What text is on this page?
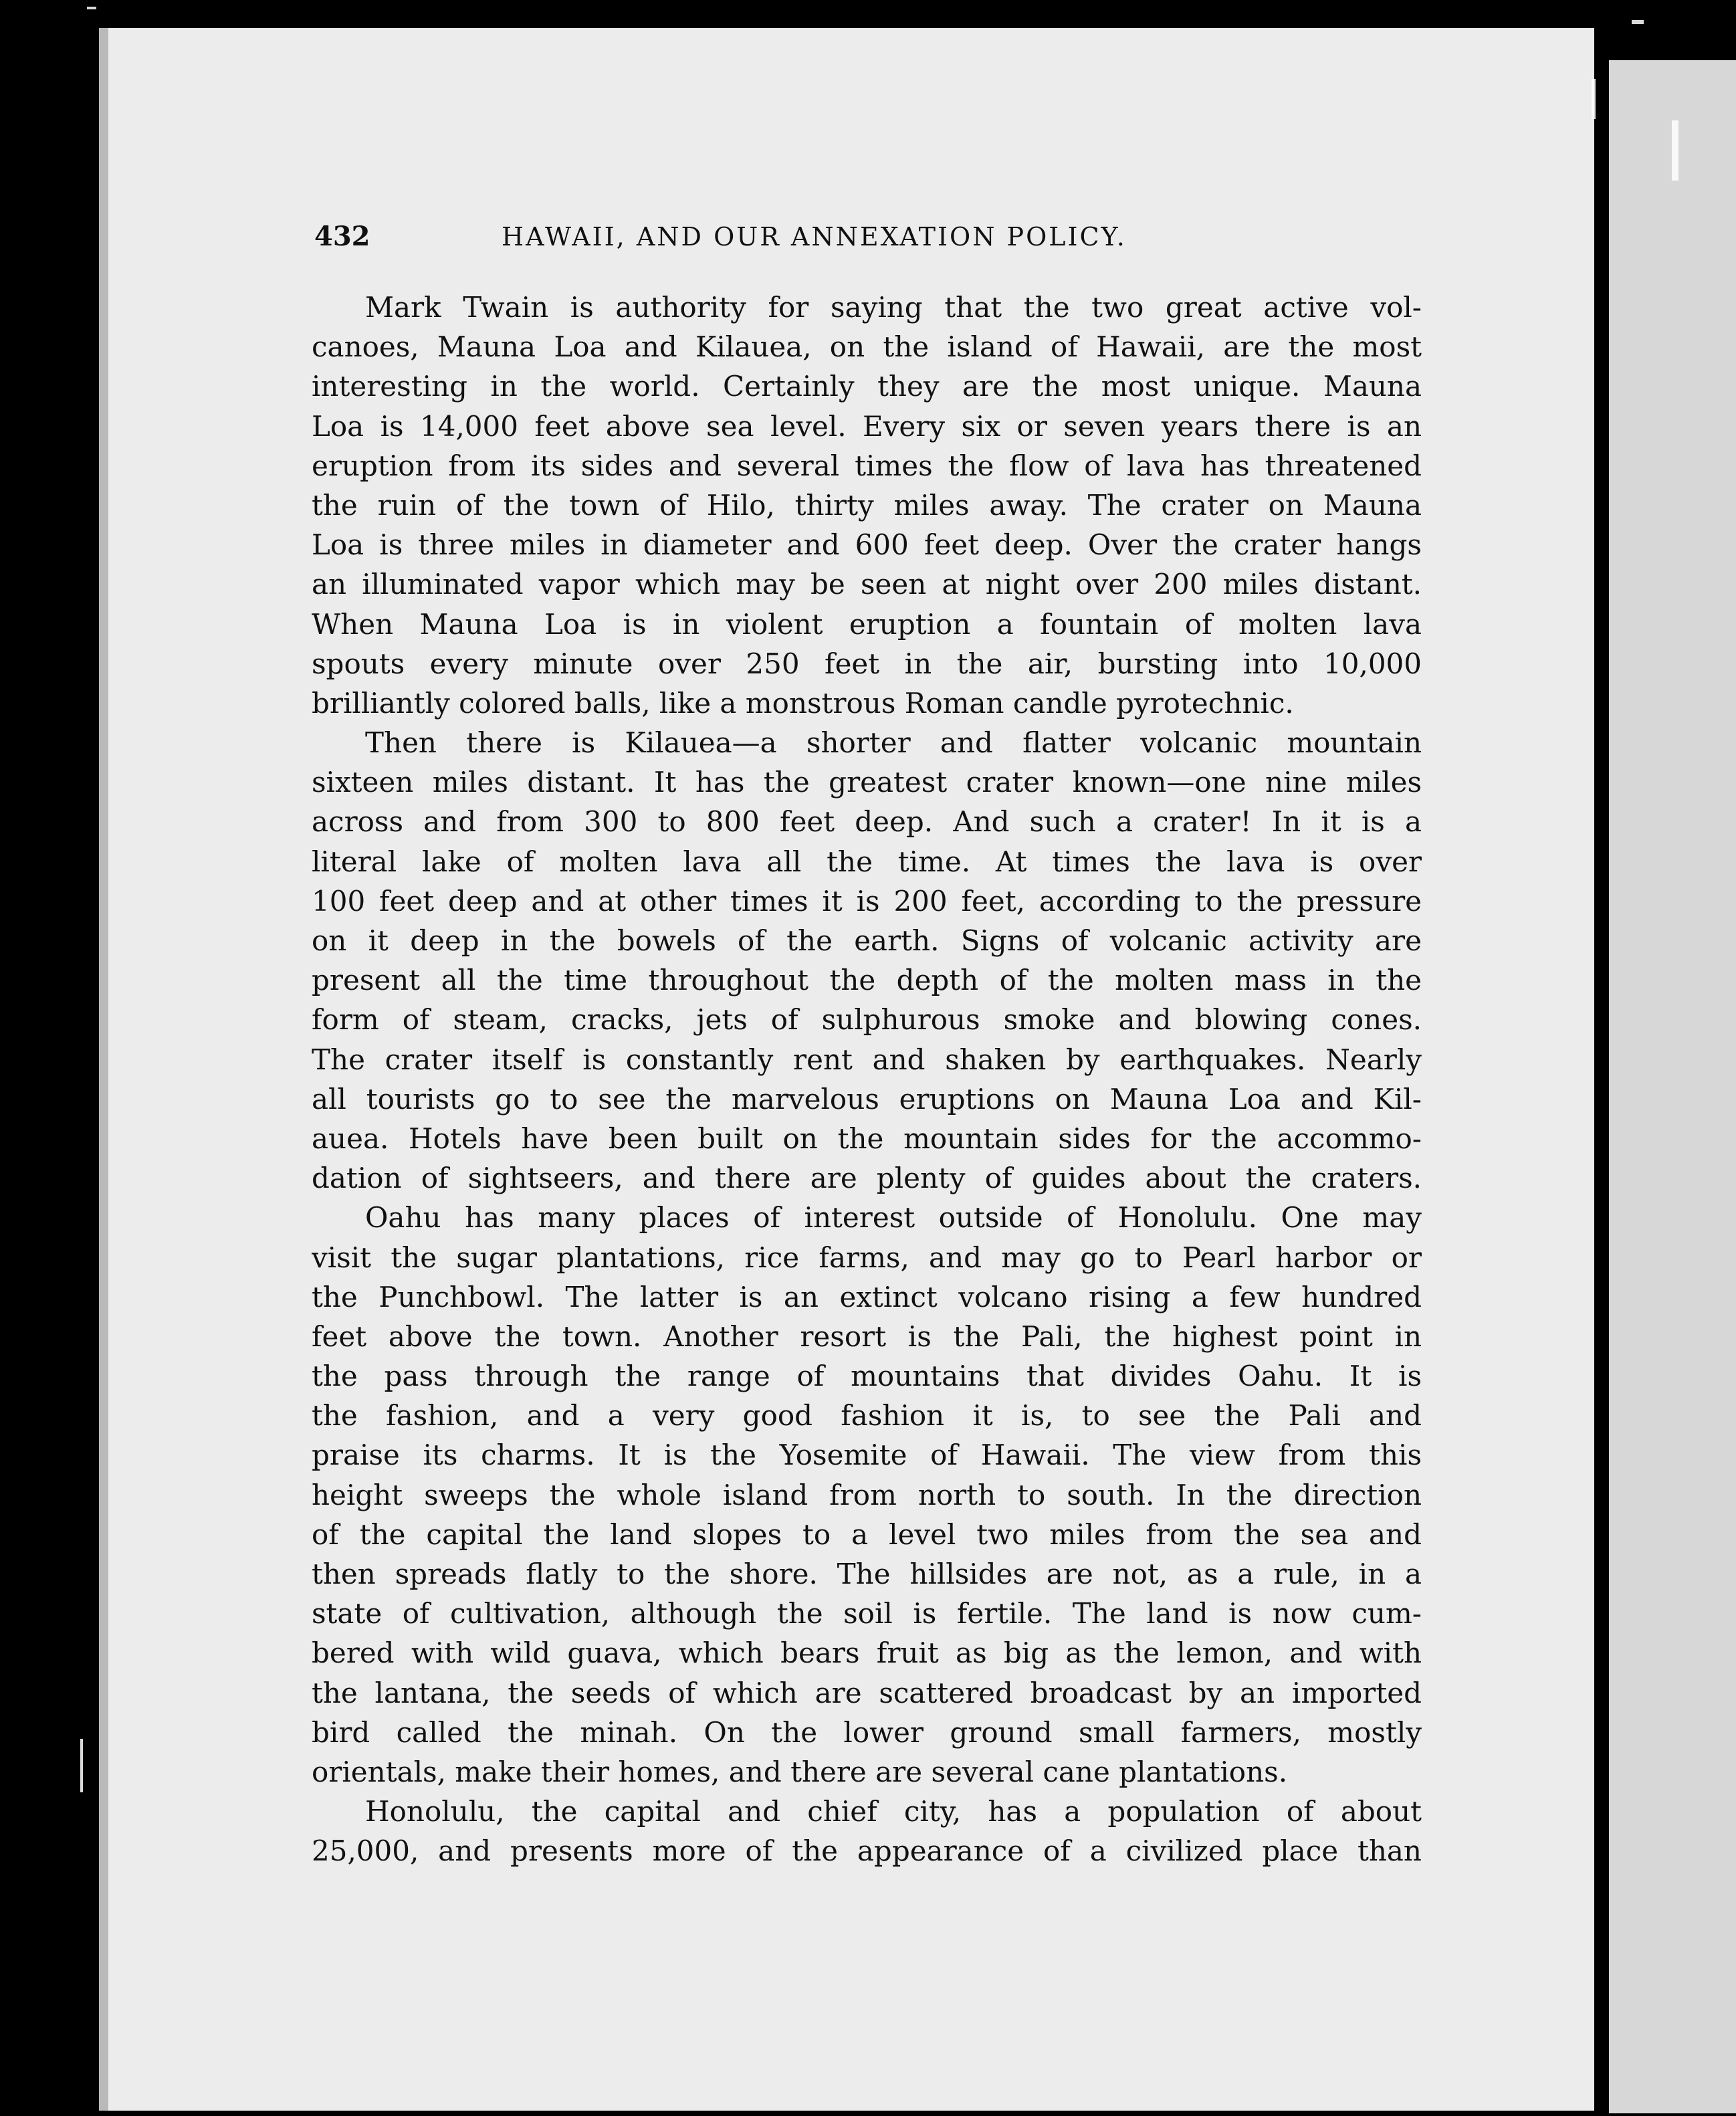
432	HAWAII, AND OUR ANNEXATION POLICY.
Mark Twain is authority for saying that the two great active vol-
canoes, Mauna Loa and Kilauea, on the island of Hawaii, are the most
interesting in the world. Certainly they are the most unique. Mauna
Loa is 14,000 feet above sea level. Every six or seven years there is an
eruption from its sides and several times the flow of lava has threatened
the ruin of the town of Hilo, thirty miles away. The crater on Mauna
Loa is three miles in diameter and 600 feet deep. Over the crater hangs
an illuminated vapor which may be seen at night over 200 miles distant.
When Mauna Loa is in violent eruption a fountain of molten lava
spouts every minute over 250 feet in the air, bursting into 10,000
brilliantly colored balls, like a monstrous Roman candle pyrotechnic.
Then there is Kilauea—a shorter and flatter volcanic mountain
sixteen miles distant. It has the greatest crater known—one nine miles
across and from 300 to 800 feet deep. And such a crater! In it is a
literal lake of molten lava all the time. At times the lava is over
100 feet deep and at other times it is 200 feet, according to the pressure
on it deep in the bowels of the earth. Signs of volcanic activity are
present all the time throughout the depth of the molten mass in the
form of steam, cracks, jets of sulphurous smoke and blowing cones.
The crater itself is constantly rent and shaken by earthquakes. Nearly
all tourists go to see the marvelous eruptions on Mauna Loa and Kil-
auea. Hotels have been built on the mountain sides for the accommo-
dation of sightseers, and there are plenty of guides about the craters.
Oahu has many places of interest outside of Honolulu. One may
visit the sugar plantations, rice farms, and may go to Pearl harbor or
the Punchbowl. The latter is an extinct volcano rising a few hundred
feet above the town. Another resort is the Pali, the highest point in
the pass through the range of mountains that divides Oahu. It is
the fashion, and a very good fashion it is, to see the Pali and
praise its charms. It is the Yosemite of Hawaii. The view from this
height sweeps the whole island from north to south. In the direction
of the capital the land slopes to a level two miles from the sea and
then spreads flatly to the shore. The hillsides are not, as a rule, in a
state of cultivation, although the soil is fertile. The land is now cum-
bered with wild guava, which bears fruit as big as the lemon, and with
the lantana, the seeds of which are scattered broadcast by an imported
bird called the minah. On the lower ground small farmers, mostly
orientals, make their homes, and there are several cane plantations.
Honolulu, the capital and chief city, has a population of about
25,000, and presents more of the appearance of a civilized place than
